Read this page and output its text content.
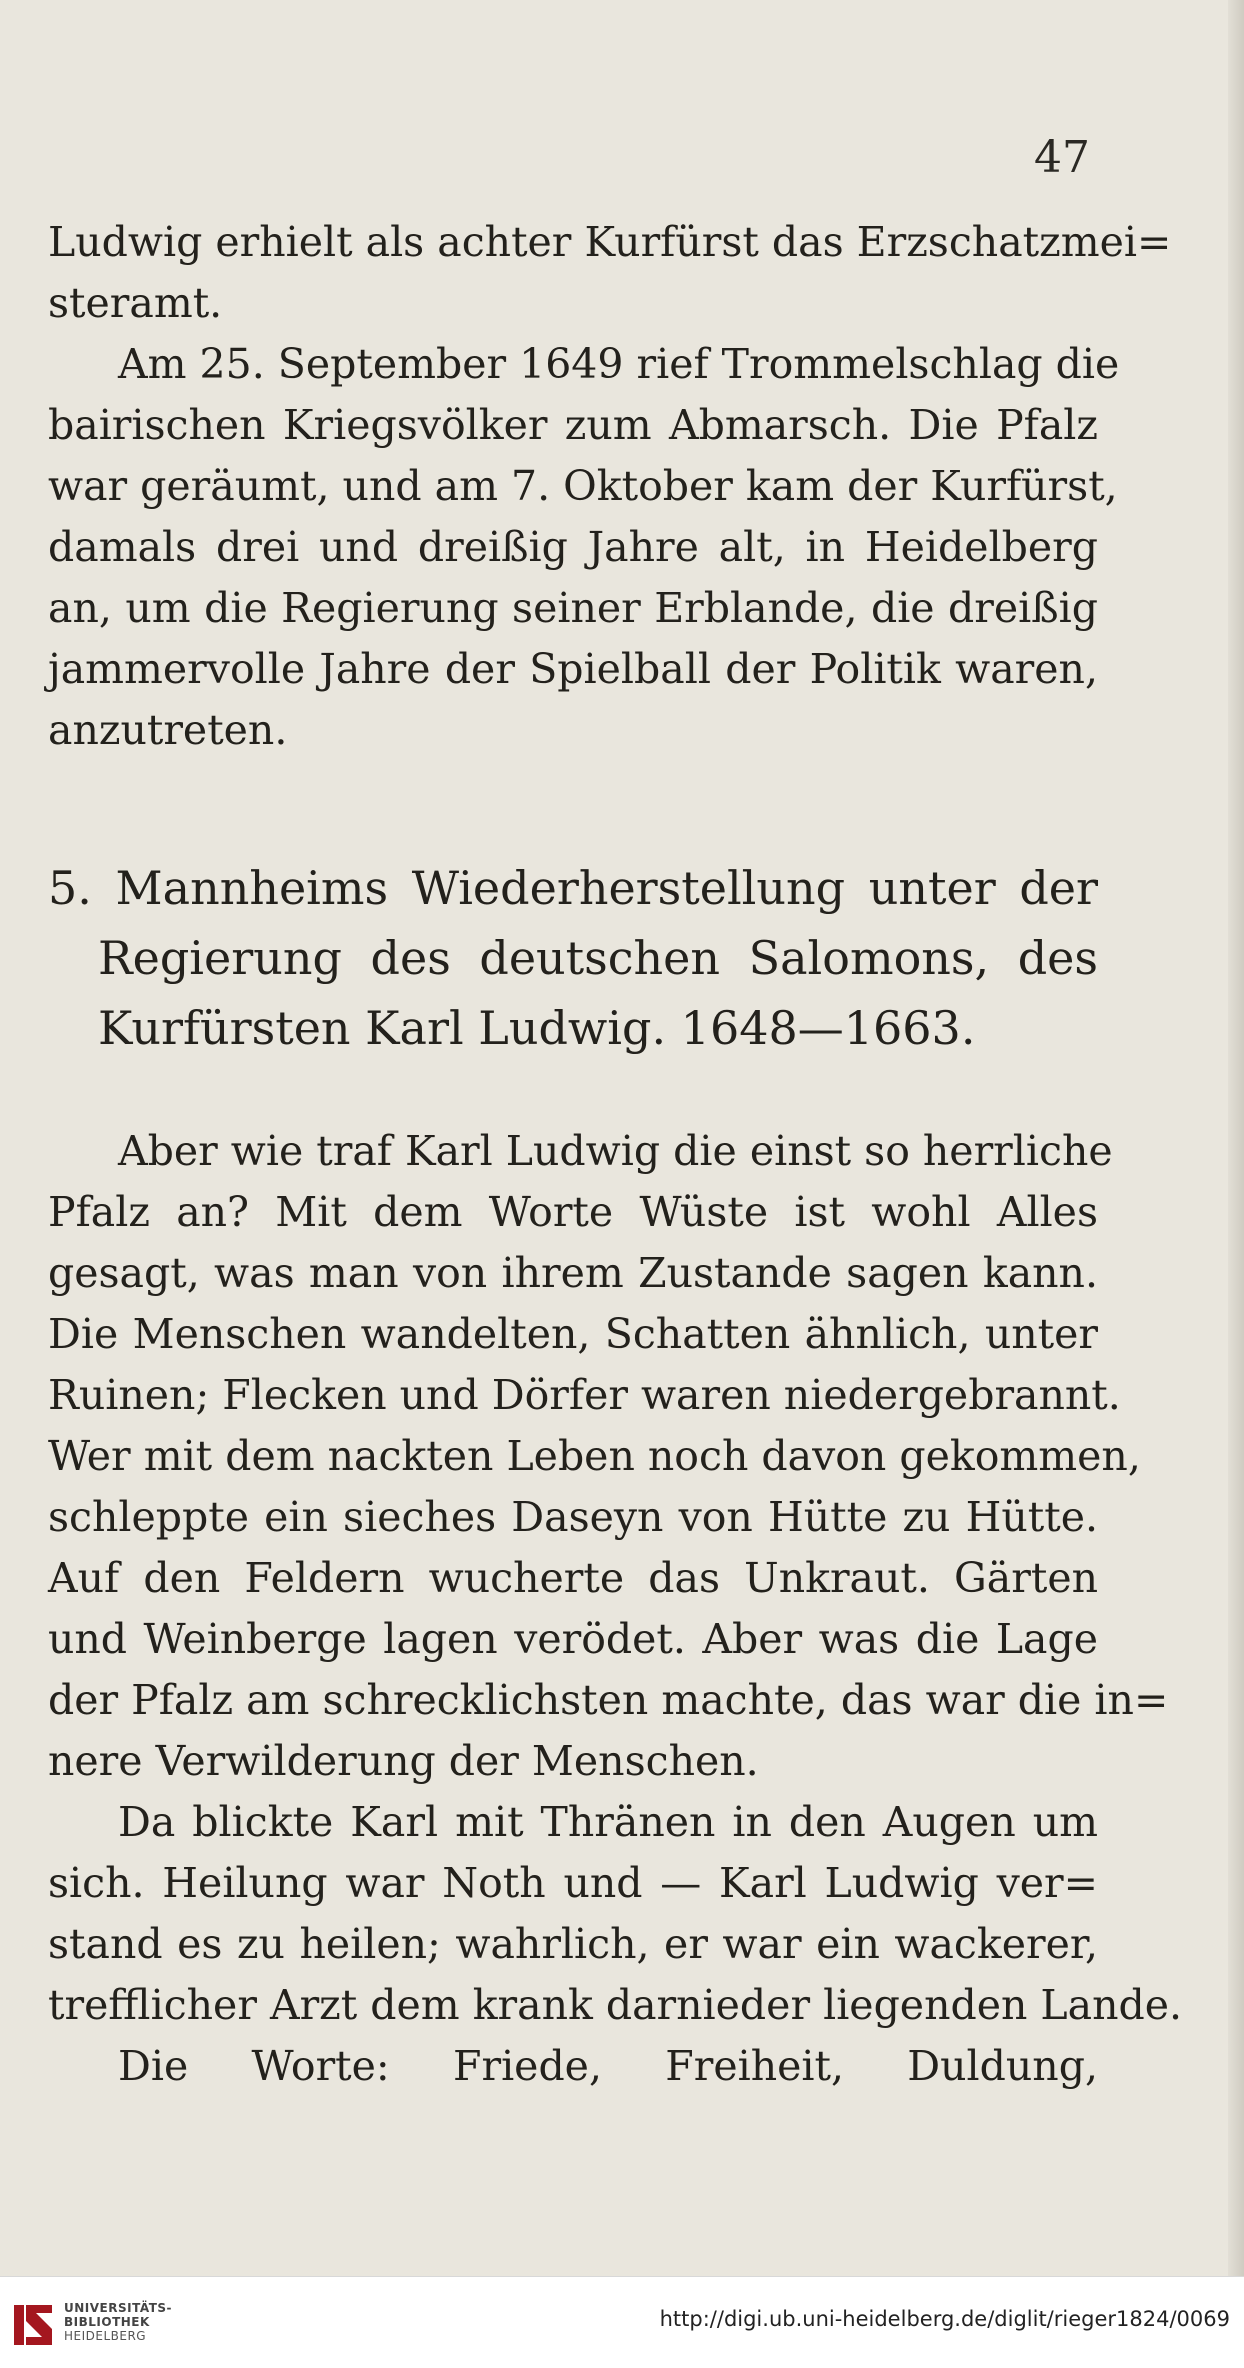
47
Ludwig erhielt als achter Kurfürst das Erzschatzmei=
steramt.
Am 25. September 1649 rief Trommelschlag die
bairischen Kriegsvölker zum Abmarsch. Die Pfalz
war geräumt, und am 7. Oktober kam der Kurfürst,
damals drei und dreißig Jahre alt, in Heidelberg
an, um die Regierung seiner Erblande, die dreißig
jammervolle Jahre der Spielball der Politik waren,
anzutreten.
5. Mannheims Wiederherstellung unter der
Regierung des deutschen Salomons, des
Kurfürsten Karl Ludwig. 1648—1663.
Aber wie traf Karl Ludwig die einst so herrliche
Pfalz an? Mit dem Worte Wüste ist wohl Alles
gesagt, was man von ihrem Zustande sagen kann.
Die Menschen wandelten, Schatten ähnlich, unter
Ruinen; Flecken und Dörfer waren niedergebrannt.
Wer mit dem nackten Leben noch davon gekommen,
schleppte ein sieches Daseyn von Hütte zu Hütte.
Auf den Feldern wucherte das Unkraut. Gärten
und Weinberge lagen verödet. Aber was die Lage
der Pfalz am schrecklichsten machte, das war die in=
nere Verwilderung der Menschen.
Da blickte Karl mit Thränen in den Augen um
sich. Heilung war Noth und — Karl Ludwig ver=
stand es zu heilen; wahrlich, er war ein wackerer,
trefflicher Arzt dem krank darnieder liegenden Lande.
Die Worte: Friede, Freiheit, Duldung,
UNIVERSITÄTS-
BIBLIOTHEK
HEIDELBERG
http://digi.ub.uni-heidelberg.de/diglit/rieger1824/0069
